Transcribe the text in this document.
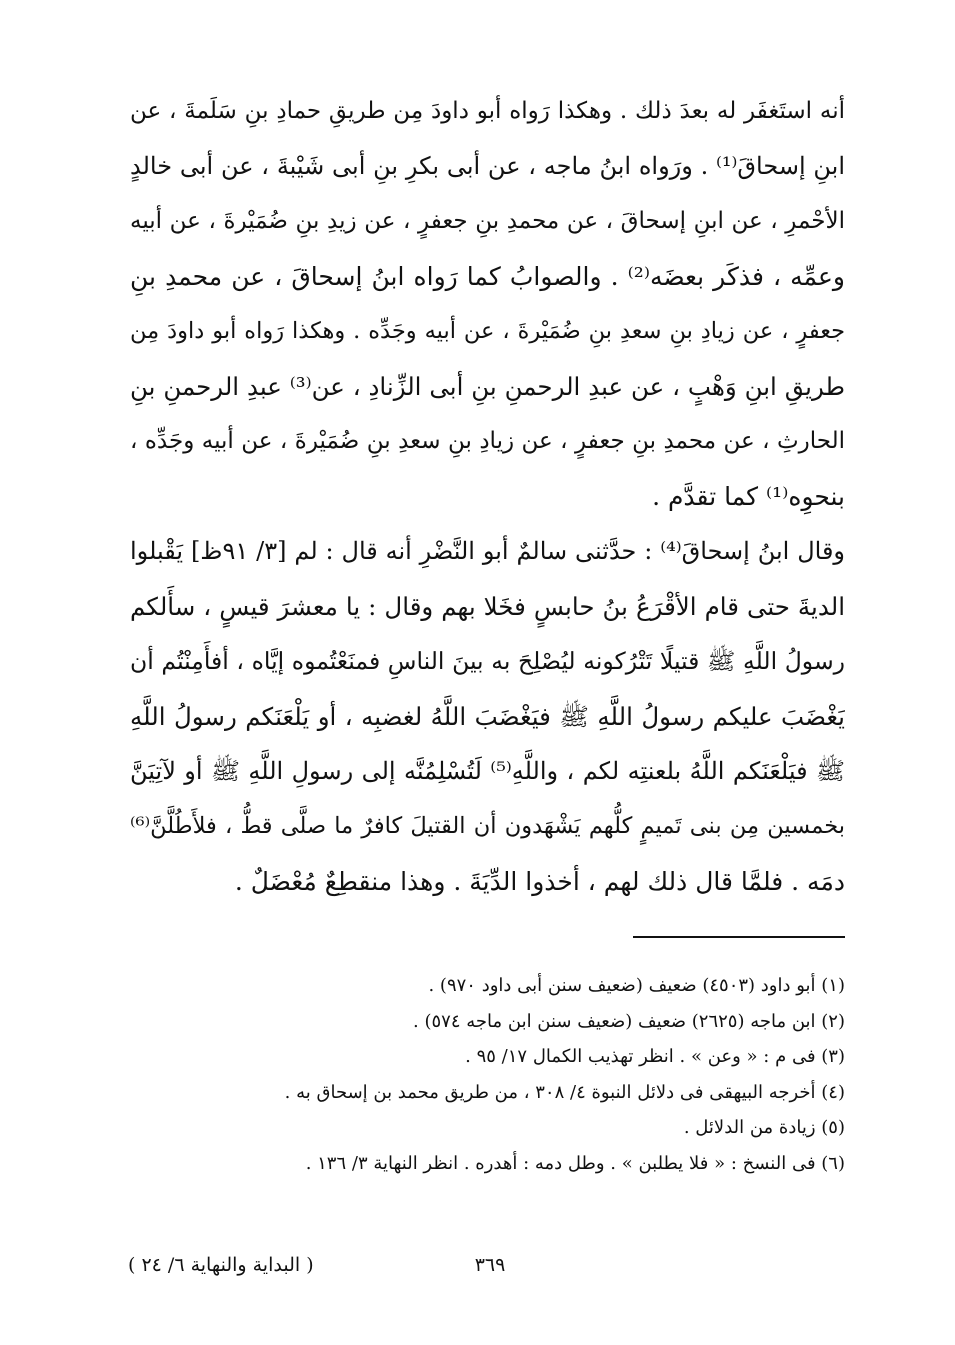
أنه استَغفَر له بعدَ ذلك . وهكذا رَواه أبو داودَ مِن طريقِ حمادِ بنِ سَلَمةَ ، عن
ابنِ إسحاقَ⁽¹⁾ . ورَواه ابنُ ماجه ، عن أبى بكرِ بنِ أبى شَيْبةَ ، عن أبى خالدٍ
الأحْمرِ ، عن ابنِ إسحاقَ ، عن محمدِ بنِ جعفرٍ ، عن زيدِ بنِ ضُمَيْرةَ ، عن أبيه
وعمِّه ، فذكَر بعضَه⁽²⁾ . والصوابُ كما رَواه ابنُ إسحاقَ ، عن محمدِ بنِ
جعفرٍ ، عن زيادِ بنِ سعدِ بنِ ضُمَيْرةَ ، عن أبيه وجَدِّه . وهكذا رَواه أبو داودَ مِن
طريقِ ابنِ وَهْبٍ ، عن عبدِ الرحمنِ بنِ أبى الزِّنادِ ، عن⁽³⁾ عبدِ الرحمنِ بنِ
الحارثِ ، عن محمدِ بنِ جعفرٍ ، عن زيادِ بنِ سعدِ بنِ ضُمَيْرةَ ، عن أبيه وجَدِّه ،
بنحوِه⁽¹⁾ كما تقدَّم .
وقال ابنُ إسحاقَ⁽⁴⁾ : حدَّثنى سالمٌ أبو النَّضْرِ أنه قال : لم [٣/ ٩١ظ] يَقْبلوا
الديةَ حتى قام الأقْرَعُ بنُ حابسٍ فخَلا بهم وقال : يا معشرَ قيسٍ ، سأَلكم
رسولُ اللَّهِ ﷺ قتيلًا تَتْرُكونه ليُصْلِحَ به بينَ الناسِ فمنَعْتُموه إيَّاه ، أفأَمِنْتُم أن
يَغْضَبَ عليكم رسولُ اللَّهِ ﷺ فيَغْضَبَ اللَّهُ لغضبِه ، أو يَلْعَنَكم رسولُ اللَّهِ
ﷺ فيَلْعَنَكم اللَّهُ بلعنتِه لكم ، واللَّهِ⁽⁵⁾ لَتُسْلِمُنَّه إلى رسولِ اللَّهِ ﷺ أو لآتِيَنَّ
بخمسين مِن بنى تَميمٍ كلُّهم يَشْهَدون أن القتيلَ كافرٌ ما صلَّى قطُّ ، فلأَطُلَّنَّ⁽⁶⁾
دمَه . فلمَّا قال ذلك لهم ، أخذوا الدِّيَةَ . وهذا منقطِعٌ مُعْضَلٌ .
(١) أبو داود (٤٥٠٣) ضعيف (ضعيف سنن أبى داود ٩٧٠) .
(٢) ابن ماجه (٢٦٢٥) ضعيف (ضعيف سنن ابن ماجه ٥٧٤) .
(٣) فى م : « وعن » . انظر تهذيب الكمال ١٧/ ٩٥ .
(٤) أخرجه البيهقى فى دلائل النبوة ٤/ ٣٠٨ ، من طريق محمد بن إسحاق به .
(٥) زيادة من الدلائل .
(٦) فى النسخ : « فلا يطلبن » . وطل دمه : أهدره . انظر النهاية ٣/ ١٣٦ .
٣٦٩
( البداية والنهاية ٦/ ٢٤ )
